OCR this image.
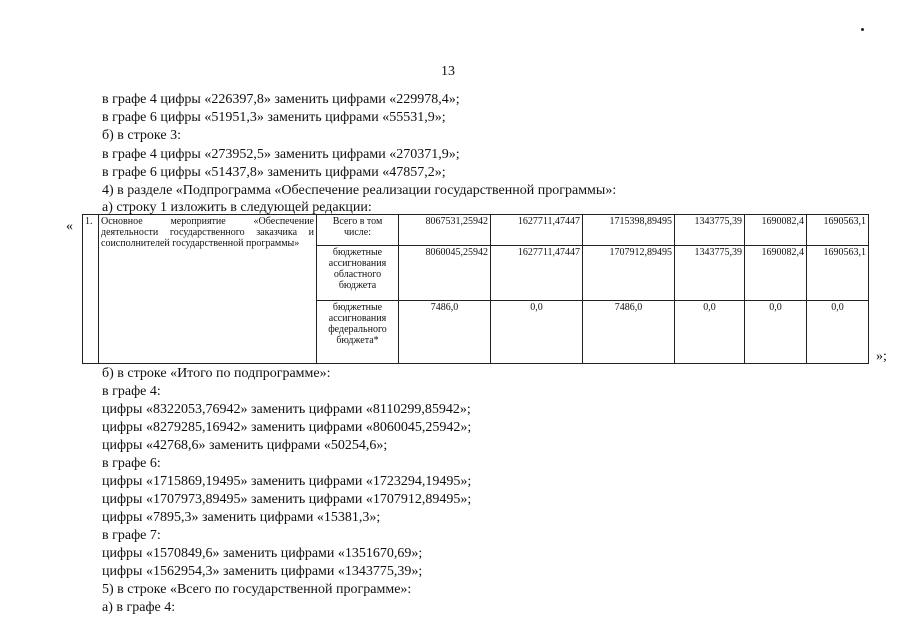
13
в графе 4 цифры «226397,8» заменить цифрами «229978,4»;
в графе 6 цифры «51951,3» заменить цифрами «55531,9»;
б) в строке 3:
в графе 4 цифры «273952,5» заменить цифрами «270371,9»;
в графе 6 цифры «51437,8» заменить цифрами «47857,2»;
4) в разделе «Подпрограмма «Обеспечение реализации государственной программы»:
а) строку 1 изложить в следующей редакции:
« 1.	Основное мероприятие «Обеспечение деятельности государственного заказчика и соисполнителей государственной программы»	Всего в том числе:	8067531,25942	1627711,47447	1715398,89495	1343775,39	1690082,4	1690563,1
		бюджетные ассигнования областного бюджета	8060045,25942	1627711,47447	1707912,89495	1343775,39	1690082,4	1690563,1
		бюджетные ассигнования федерального бюджета*	7486,0	0,0	7486,0	0,0	0,0	0,0
»;
б) в строке «Итого по подпрограмме»:
в графе 4:
цифры «8322053,76942» заменить цифрами «8110299,85942»;
цифры «8279285,16942» заменить цифрами «8060045,25942»;
цифры «42768,6» заменить цифрами «50254,6»;
в графе 6:
цифры «1715869,19495» заменить цифрами «1723294,19495»;
цифры «1707973,89495» заменить цифрами «1707912,89495»;
цифры «7895,3» заменить цифрами «15381,3»;
в графе 7:
цифры «1570849,6» заменить цифрами «1351670,69»;
цифры «1562954,3» заменить цифрами «1343775,39»;
5) в строке «Всего по государственной программе»:
а) в графе 4:
